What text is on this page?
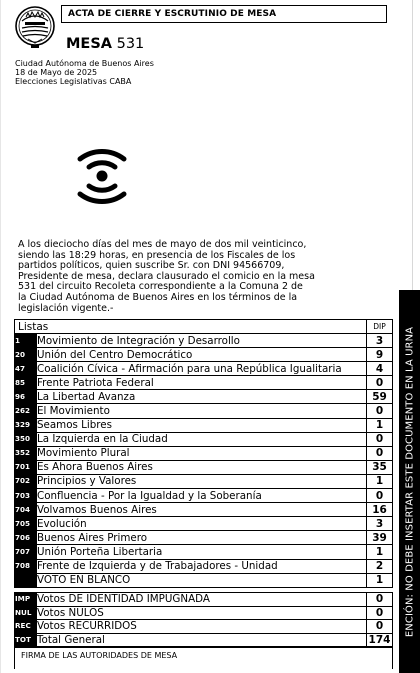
ACTA DE CIERRE Y ESCRUTINIO DE MESA
MESA 531
Ciudad Autónoma de Buenos Aires
18 de Mayo de 2025
Elecciones Legislativas CABA
A los dieciocho días del mes de mayo de dos mil veinticinco,
siendo las 18:29 horas, en presencia de los Fiscales de los
partidos políticos, quien suscribe Sr. con DNI 94566709,
Presidente de mesa, declara clausurado el comicio en la mesa
531 del circuito Recoleta correspondiente a la Comuna 2 de
la Ciudad Autónoma de Buenos Aires en los términos de la
legislación vigente.-
Listas		DIP
1	Movimiento de Integración y Desarrollo	3
20	Unión del Centro Democrático	9
47	Coalición Cívica - Afirmación para una República Igualitaria	4
85	Frente Patriota Federal	0
96	La Libertad Avanza	59
262	El Movimiento	0
329	Seamos Libres	1
350	La Izquierda en la Ciudad	0
352	Movimiento Plural	0
701	Es Ahora Buenos Aires	35
702	Principios y Valores	1
703	Confluencia - Por la Igualdad y la Soberanía	0
704	Volvamos Buenos Aires	16
705	Evolución	3
706	Buenos Aires Primero	39
707	Unión Porteña Libertaria	1
708	Frente de Izquierda y de Trabajadores - Unidad	2
	VOTO EN BLANCO	1
IMP	Votos DE IDENTIDAD IMPUGNADA	0
NUL	Votos NULOS	0
REC	Votos RECURRIDOS	0
TOT	Total General	174
FIRMA DE LAS AUTORIDADES DE MESA
ENCIÓN: NO DEBE INSERTAR ESTE DOCUMENTO EN LA URNA
